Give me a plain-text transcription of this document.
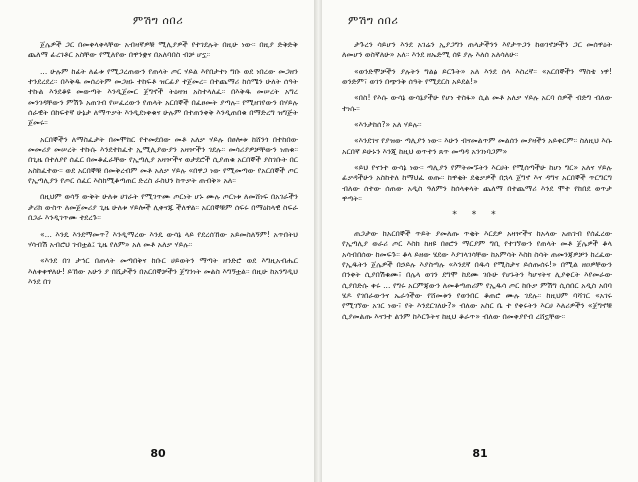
ምሽግ ሰበሪ

ጀሌዎች ጋር በመቀላቀላቸው አብዛኛዎቹ ሚሊያዎች የተገደሉት በዚሁ ነው። በዚያ ድቅድቅ ጨለማ ፊረገቶር አስቸው የሚለየው በዋንቋና በአለባበስ ብቻ ሆኗ።

... ሁሉም ከፊት ለፊቱ የሚጋረጠውን የጠላት ጦር ሃይል እየበታተነ ግቡ ወደ ነበረው መጋዘን ተንደረደረ። በእቅዱ መሰረትም መጋዘኑ ተከፍቶ ዝርፊያ ተጀመረ። በተጨማሪ ከሰሜን ሁለት ሰዓት ተኩል እንደቆዩ መውጣት እንዲጀመር ጀግኖች ትዕዛዝ አስተላለፈ። በእቅዱ መሠረት አግረ መንገዳቸውን ምሽጉ አጠገብ የሠፈረውን የጠላት አርበኞች በፈፀመት ያጣሉ። የሚዘገየውን በሃይሉ ሰራዊት በከፍተኛ ሁኔታ ለማጥቃት እንዲደነቀቁና ሁሉም በተጠንቀቅ እንዲጠበቁ በማድረግ ዝግጅት ጀመሩ።

አርበኞችን ለማስፈታት በመሞከር የተመደበው መቶ አለቃ ሃይሉ በፀሎቱ ከሸንጎ በተከበው መመሪያ መሠረት ተኩሱ እንደተከፈተ ኢሚሊያውያን አዛዦችን ገደሉ። መሳሪያዎቻቸውን ነጠቁ። በጊዜ በተለያየ ሰፈር በመቆፈራቸው የኢጣሊያ አዛዦችና ወታደሮች ሲያጠቁ አርበኞች ያስገቡት በር አስከፈተው። ወደ አርበኞቹ በመቅረብም መቶ አለቃ ሃይሉ «በዋጋ ነው የሚመጣው የአርበኞች ጦር የኢጣሊያን የጦር ሰፈር እስከሚቆጣጠር ድረስ ራስህን ከጥቃት ጠብቅ» አለ።

በዚህም ወሳኝ ውቅት ሁለቱ ሀገራት የሚገጥሙ ጦርነት ሆኑ ሙሉ ጦርነቱ ለመሸነፍ በአገራችን ታሪክ ውስጥ ለመጀመሪያ ጊዜ ሁለቱ ሃይሎች ሊቀናጁ ችለዋል። አርበኞቹም ሰፍሩ በማዕከላዊ ስፍራ በጋራ እንዲገጥሙ ተደረጉ።

«... እንዴ እንደማመጥ? እንዲማረው እንዴ ውሳኔ ላይ የደረሰኸው አይመስለኝም! አጥበትህ ሃሳብሽ አብሮህ ገብቷል፤ ጊዜ የለም» አለ መቶ አለቃ ሃይሉ።

«እንደ በገ ታኅር በጠላት መጣበቅና ከቡር ሀይወትን ማጣት ዘንድሮ ወደ እግዚአብሔር እለቀቀዋለሁ! ይኸው አሁን ያ በሺታችን በአርበኞቻችን ጀግንነት መልስ እግኝቷል። በዚሁ ከአንግዲህ እንደ በገ

80
ምሽግ ሰበሪ

ታጉረን ሳይሆን እንደ አገሬን ኢያጋግን ጠላታችንን እየታጥጋን ከወገኖቻችን ጋር መሰዋዕት ለመሆን ወስኛለሁ» አለ። እንደ ዘኤድሚ ሰዩ ያሉ እለሰ አለሳለሁ።

«ወንድሞቻችን ያሉትን ግልፅ ይርጉት» አለ እንደ ሰላ እስረኛ። «አርበኞችን ማስቴ ነዋ! ወንድም፣ ወገን በጭንቅ ሰዓት የሚደርስ አይደል!»

«በስ! የእሱ ውሳኔ ውሳኔያችሁ የሆነ ተስፋ» ሲል መቶ አለቃ ሃይሉ አርባ ሰዎች ብድግ ብለው ተነሱ።

«እንታከሰ?» አለ ሃይሉ።

«እንደገና የያዝው ጣሊያን ነው። እሁን ብናመልጥም መልሰን መያዛችን አይቀርም። ስለዚህ እሱ አርበኛ ይሁኑን እንጂ ከዚህ ወጥተን ጸጥ መጣዳ አንገነባጋም»

«ይህ የናንተ ውሳኔ ነው። ጣሊያን የምትመኙትን እርሀት የሚሰጣችሁ ከሆነ ግር» አለና ሃይሉ ፊቃዳችሁን አስከተለ ከማህፈ ወጡ። ከዋቂት ደቂቃዎች በኋላ ጀግኖ እና ዳግና አርበኞች ጥርግርግ ብለው ሰተው ሰጠው አዲስ ዓለምን ከሰላቀላት ጨለማ በተጨማሪ እንደ ሞተ የከበደ ወጥታ ዋጣት።

* * *

ጠጋታው ከአርበኞች ጥይት ያመለጡ ጥቂት እርደዎ አዛዦችና ከአላው አጠገብ የሰፈረው የኢጣሊያ ወራሪ ጦር እስከ ከዘዩ በፀሮን ማርያም ግቢ የተገኘውን የጠላት መቶ ጀሌዎች ቆላ አሳብበሰው ከመፍጉ። ቆላ ይዘው ሄደው እያገላገሳቸው ከአምሳት እስከ ስሳት ጠመንጃዎቻን ከረፈው የኢዱትን ጀሌዎች በኃይሉ እያስጣሉ «እንደኛ በዱሳ የሚስታና ይሰጡሰሩ!» በሚል ዘዐዎቸውን በንቀት ሲያበሽቁሙ፣ በሌላ ወገን ደግሞ ከደሙ ገቡሁ የሆኑትን ካሆናትና ሊያቀርት እየመራው ሲያበድሱ ቀሩ ... የግሩ አርምጃውን ለመቆጣጠሪም የኢዱሳ ጦር ከቡቃ ምሽግ ሲሰበር አዲስ አበባ ሄዶ የገበራውንና ኤራጎችው የሸመቱን የወንበር ቆጠሮ ሙሉ ገደሉ። ከዚህም ባሻገር «አገሩ የሚገኘው አገር ነው፣ የት እንደርገለሁ?» ብለው አስር ቤ ተ የቀሩትን እርሀ እለሪዎችን «ጀግኖቹ ሲያመልጡ እናንተ ልንም ከእርጉትና ከዚህ ቆራጥ» ብለው በመቀያየብ ረሸኗቸው።

81
